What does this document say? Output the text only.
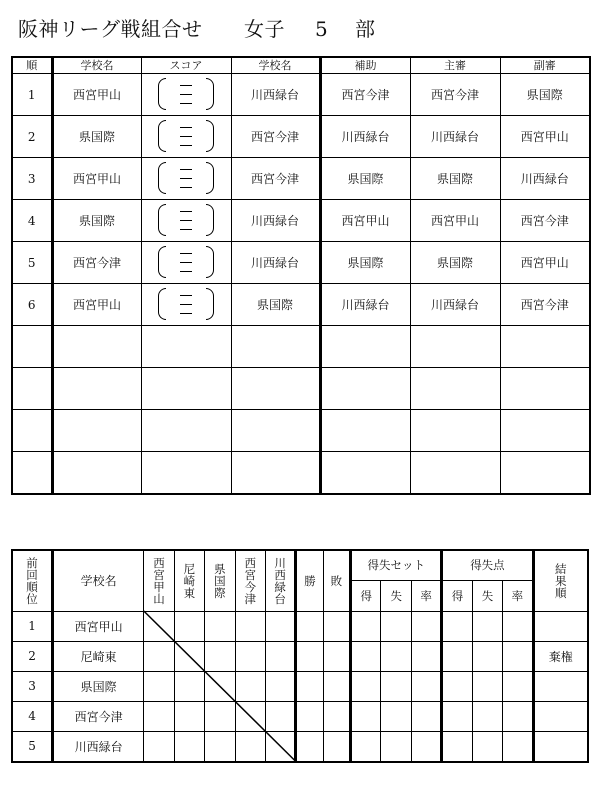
阪神リーグ戦組合せ 女子 5 部
順	学校名	スコア	学校名	補助	主審	副審
1	西宮甲山		川西緑台	西宮今津	西宮今津	県国際
2	県国際		西宮今津	川西緑台	川西緑台	西宮甲山
3	西宮甲山		西宮今津	県国際	県国際	川西緑台
4	県国際		川西緑台	西宮甲山	西宮甲山	西宮今津
5	西宮今津		川西緑台	県国際	県国際	西宮甲山
6	西宮甲山		県国際	川西緑台	川西緑台	西宮今津

前回順位	学校名	西宮甲山	尼崎東	県国際	西宮今津	川西緑台	勝	敗	得失セット			得失点			結果順
									得	失	率	得	失	率	
1	西宮甲山														
2	尼崎東														棄権
3	県国際														
4	西宮今津														
5	川西緑台														
